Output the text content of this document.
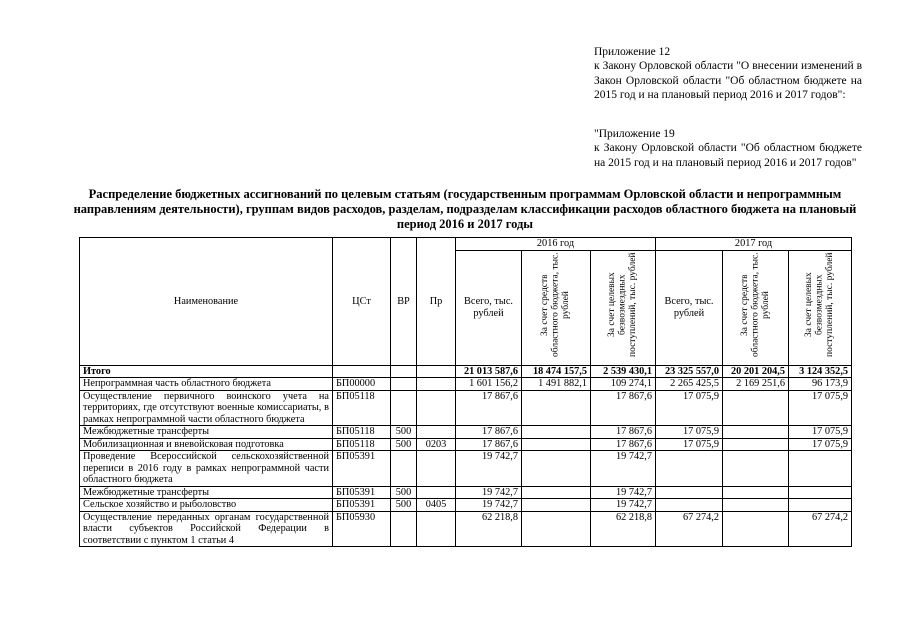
Приложение 12

к Закону Орловской области "О внесении изменений в Закон Орловской области "Об областном бюджете на 2015 год и на плановый период 2016 и 2017 годов":

"Приложение 19

к Закону Орловской области "Об областном бюджете на 2015 год и на плановый период 2016 и 2017 годов"

Распределение бюджетных ассигнований по целевым статьям (государственным программам Орловской области и непрограммным направлениям деятельности), группам видов расходов, разделам, подразделам классификации расходов областного бюджета на плановый период 2016 и 2017 годы
Наименование	ЦСт	ВР	Пр	2016 год			2017 год		
				Всего, тыс. рублей	За счет средств областного бюджета, тыс. рублей	За счет целевых безвозмездных поступлений, тыс. рублей	Всего, тыс. рублей	За счет средств областного бюджета, тыс. рублей	За счет целевых безвозмездных поступлений, тыс. рублей

Итого				21 013 587,6	18 474 157,5	2 539 430,1	23 325 557,0	20 201 204,5	3 124 352,5
Непрограммная часть областного бюджета	БП00000			1 601 156,2	1 491 882,1	109 274,1	2 265 425,5	2 169 251,6	96 173,9
Осуществление первичного воинского учета на территориях, где отсутствуют военные комиссариаты, в рамках непрограммной части областного бюджета	БП05118			17 867,6		17 867,6	17 075,9		17 075,9
Межбюджетные трансферты	БП05118	500		17 867,6		17 867,6	17 075,9		17 075,9
Мобилизационная и вневойсковая подготовка	БП05118	500	0203	17 867,6		17 867,6	17 075,9		17 075,9
Проведение Всероссийской сельскохозяйственной переписи в 2016 году в рамках непрограммной части областного бюджета	БП05391			19 742,7		19 742,7			
Межбюджетные трансферты	БП05391	500		19 742,7		19 742,7			
Сельское хозяйство и рыболовство	БП05391	500	0405	19 742,7		19 742,7			

Осуществление переданных органам государственной власти субъектов Российской Федерации в соответствии с пунктом 1 статьи 4	БП05930			62 218,8		62 218,8	67 274,2		67 274,2
